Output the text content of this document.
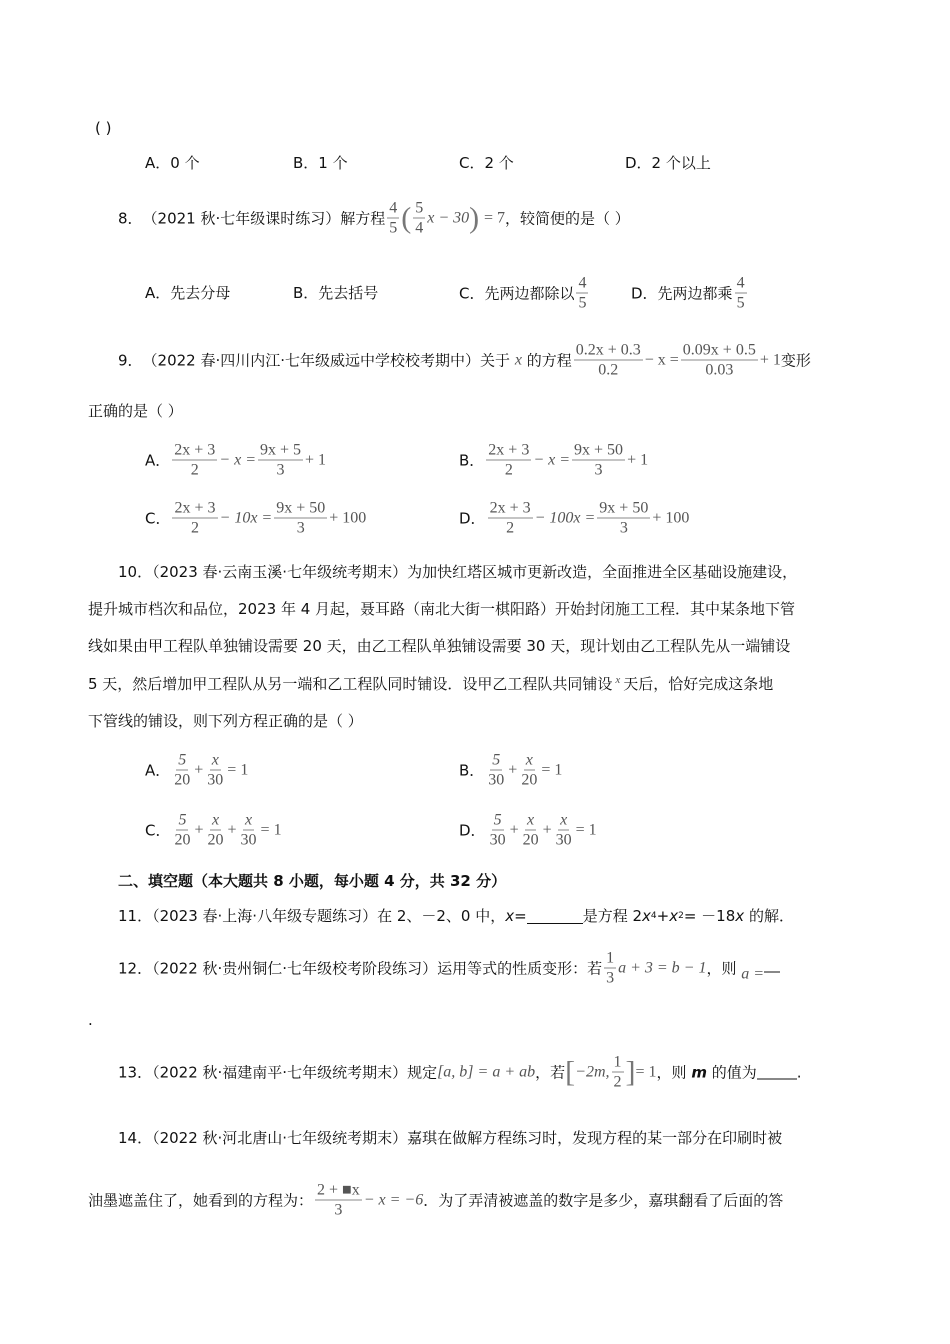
( )
A．0 个	B．1 个	C．2 个	D．2 个以上
8． （2021 秋·七年级课时练习）解方程 $\frac{4}{5}$ ( $\frac{5}{4}$ x − 30 )
= 7 ，较简便的是（ ）
A．先去分母	B．先去括号	C．先两边都除以 $\frac{4}{5}$	D．先两边都乘 $\frac{4}{5}$
9． （2022 春·四川内江·七年级威远中学校校考期中）关于
x
的方程 $\frac{0.2x + 0.3}{0.2} - x = \frac{0.09x + 0.5}{0.03} + 1$ 变形
正确的是（ ）
A． $\frac{2x + 3}{2} - x = \frac{9x + 5}{3} + 1$	B． $\frac{2x + 3}{2} - x = \frac{9x + 50}{3} + 1$
C． $\frac{2x + 3}{2} - 10x = \frac{9x + 50}{3} + 100$	D． $\frac{2x + 3}{2} - 100x = \frac{9x + 50}{3} + 100$
10．（2023 春·云南玉溪·七年级统考期末）为加快红塔区城市更新改造，全面推进全区基础设施建设，
提升城市档次和品位，2023 年 4 月起，聂耳路（南北大街一棋阳路）开始封闭施工工程．其中某条地下管
线如果由甲工程队单独铺设需要 20 天，由乙工程队单独铺设需要 30 天，现计划由乙工程队先从一端铺设
5 天，然后增加甲工程队从另一端和乙工程队同时铺设．设甲乙工程队共同铺设 x 天后，恰好完成这条地
下管线的铺设，则下列方程正确的是（ ）
A． $\frac{5}{20} + \frac{x}{30} = 1$	B． $\frac{5}{30} + \frac{x}{20} = 1$
C． $\frac{5}{20} + \frac{x}{20} + \frac{x}{30} = 1$	D． $\frac{5}{30} + \frac{x}{20} + \frac{x}{30} = 1$
二、填空题（本大题共 8 小题，每小题 4 分，共 32 分）
11．（2023 春·上海·八年级专题练习）在 2、－2、0 中， x =	是方程 2 x 4 + x 2 = －18 x
的解．
12．（2022 秋·贵州铜仁·七年级校考阶段练习）运用等式的性质变形：若 $\frac{1}{3}$ a + 3 = b − 1 ，则
a =
.
13．（2022 秋·福建南平·七年级统考期末）规定 [a, b] = a + ab ，若 [ −2m, $\frac{1}{2}$ ] = 1 ，则
m
的值为	.
14．（2022 秋·河北唐山·七年级统考期末）嘉琪在做解方程练习时，发现方程的某一部分在印刷时被
油墨遮盖住了，她看到的方程为： $\frac{2 + ■x}{3} - x = -6$ ．为了弄清被遮盖的数字是多少，嘉琪翻看了后面的答
